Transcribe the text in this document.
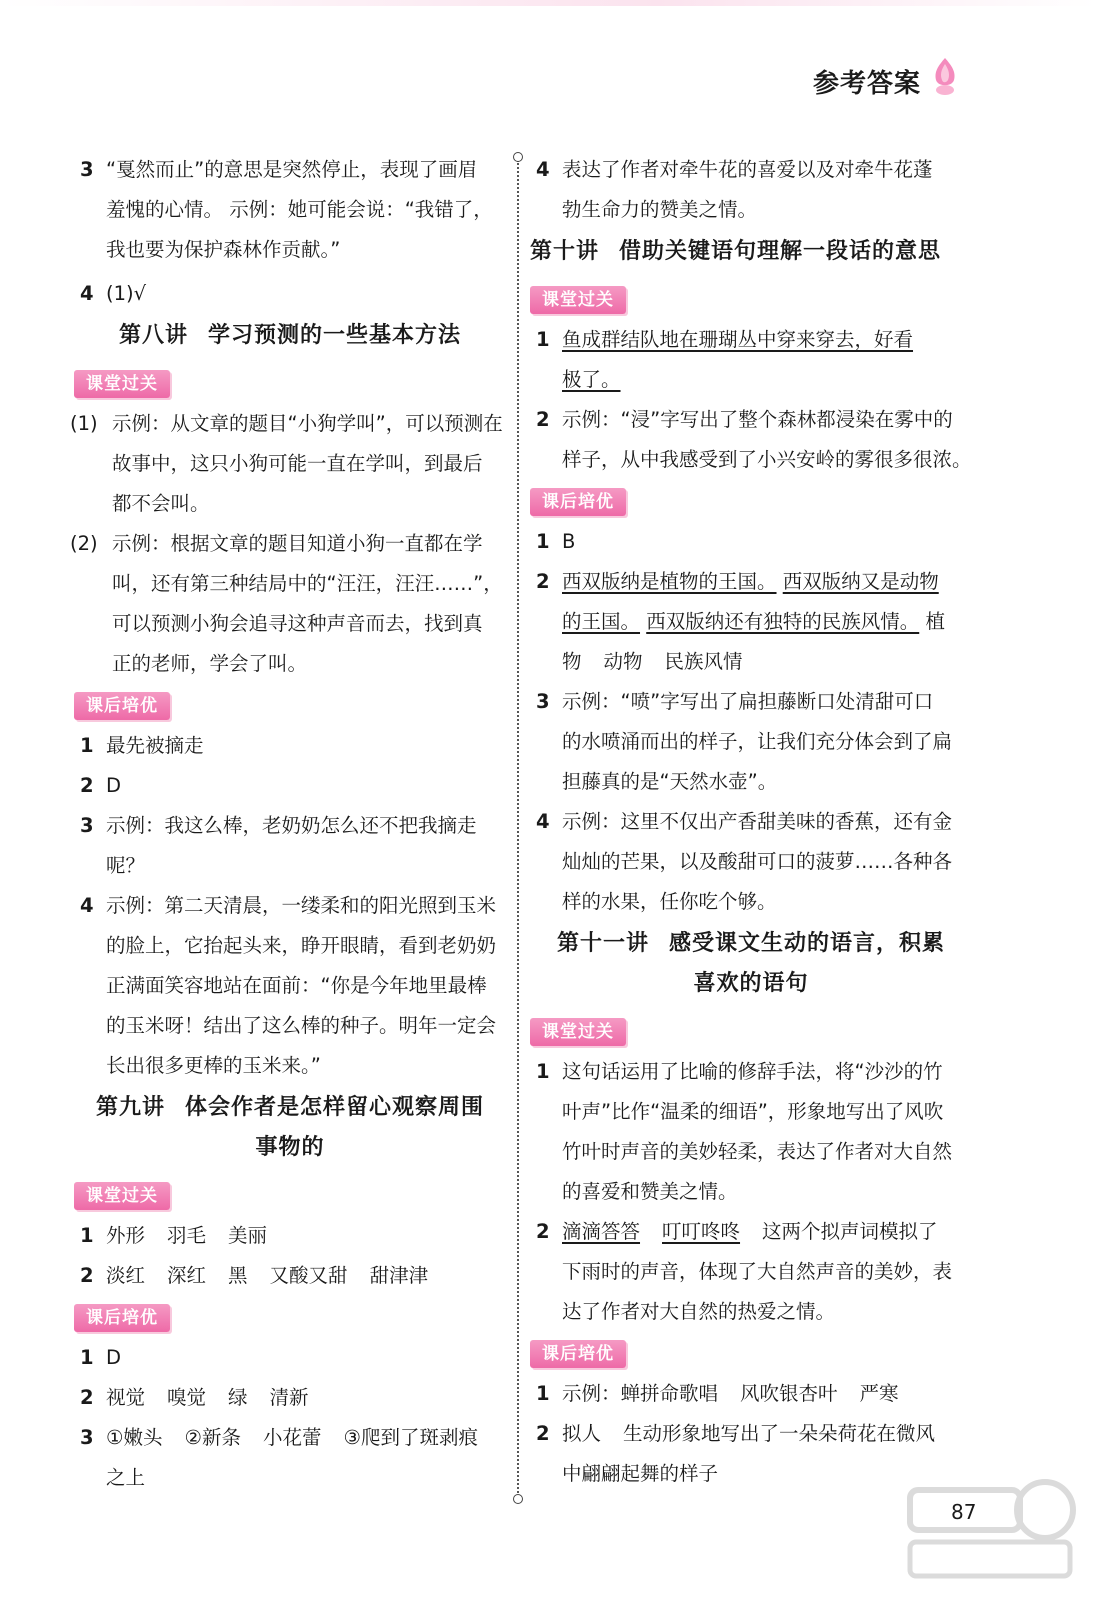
参考答案
3 “戛然而止”的意思是突然停止，表现了画眉
羞愧的心情。 示例：她可能会说：“我错了，
我也要为保护森林作贡献。”
4 (1)√
第八讲 学习预测的一些基本方法
课堂过关
(1) 示例：从文章的题目“小狗学叫”，可以预测在
故事中，这只小狗可能一直在学叫，到最后
都不会叫。
(2) 示例：根据文章的题目知道小狗一直都在学
叫，还有第三种结局中的“汪汪，汪汪……”，
可以预测小狗会追寻这种声音而去，找到真
正的老师，学会了叫。
课后培优
1 最先被摘走
2 D
3 示例：我这么棒，老奶奶怎么还不把我摘走
呢？
4 示例：第二天清晨，一缕柔和的阳光照到玉米
的脸上，它抬起头来，睁开眼睛，看到老奶奶
正满面笑容地站在面前：“你是今年地里最棒
的玉米呀！结出了这么棒的种子。明年一定会
长出很多更棒的玉米来。”
第九讲 体会作者是怎样留心观察周围
事物的
课堂过关
1 外形 羽毛 美丽
2 淡红 深红 黑 又酸又甜 甜津津
课后培优
1 D
2 视觉 嗅觉 绿 清新
3 ①嫩头 ②新条 小花蕾 ③爬到了斑剥痕
之上
4 表达了作者对牵牛花的喜爱以及对牵牛花蓬
勃生命力的赞美之情。
第十讲 借助关键语句理解一段话的意思
课堂过关
1 鱼成群结队地在珊瑚丛中穿来穿去，好看
极了。
2 示例：“浸”字写出了整个森林都浸染在雾中的
样子，从中我感受到了小兴安岭的雾很多很浓。
课后培优
1 B
2 西双版纳是植物的王国。 西双版纳又是动物
的王国。 西双版纳还有独特的民族风情。 植
物 动物 民族风情
3 示例：“喷”字写出了扁担藤断口处清甜可口
的水喷涌而出的样子，让我们充分体会到了扁
担藤真的是“天然水壶”。
4 示例：这里不仅出产香甜美味的香蕉，还有金
灿灿的芒果，以及酸甜可口的菠萝……各种各
样的水果，任你吃个够。
第十一讲 感受课文生动的语言，积累
喜欢的语句
课堂过关
1 这句话运用了比喻的修辞手法，将“沙沙的竹
叶声”比作“温柔的细语”，形象地写出了风吹
竹叶时声音的美妙轻柔，表达了作者对大自然
的喜爱和赞美之情。
2 滴滴答答 叮叮咚咚 这两个拟声词模拟了
下雨时的声音，体现了大自然声音的美妙，表
达了作者对大自然的热爱之情。
课后培优
1 示例：蝉拼命歌唱 风吹银杏叶 严寒
2 拟人 生动形象地写出了一朵朵荷花在微风
中翩翩起舞的样子
87
